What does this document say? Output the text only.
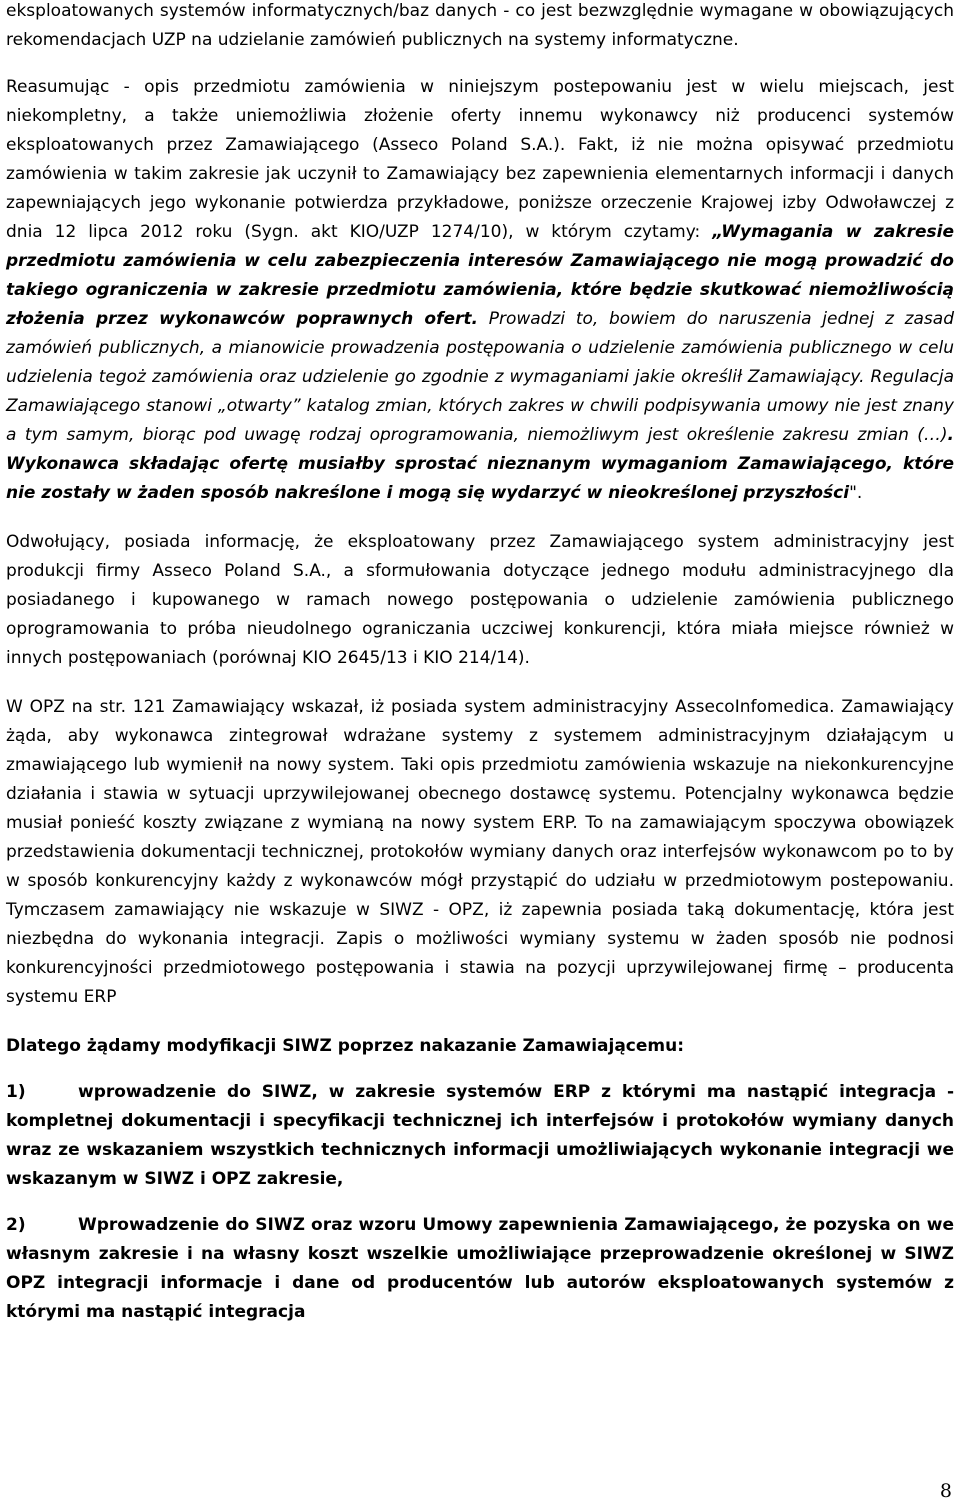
eksploatowanych systemów informatycznych/baz danych - co jest bezwzględnie wymagane w obowiązujących rekomendacjach UZP na udzielanie zamówień publicznych na systemy informatyczne.

Reasumując - opis przedmiotu zamówienia w niniejszym postepowaniu jest w wielu miejscach, jest niekompletny, a także uniemożliwia złożenie oferty innemu wykonawcy niż producenci systemów eksploatowanych przez Zamawiającego (Asseco Poland S.A.). Fakt, iż nie można opisywać przedmiotu zamówienia w takim zakresie jak uczynił to Zamawiający bez zapewnienia elementarnych informacji i danych zapewniających jego wykonanie potwierdza przykładowe, poniższe orzeczenie Krajowej izby Odwoławczej z dnia 12 lipca 2012 roku (Sygn. akt KIO/UZP 1274/10), w którym czytamy: „Wymagania w zakresie przedmiotu zamówienia w celu zabezpieczenia interesów Zamawiającego nie mogą prowadzić do takiego ograniczenia w zakresie przedmiotu zamówienia, które będzie skutkować niemożliwością złożenia przez wykonawców poprawnych ofert. Prowadzi to, bowiem do naruszenia jednej z zasad zamówień publicznych, a mianowicie prowadzenia postępowania o udzielenie zamówienia publicznego w celu udzielenia tegoż zamówienia oraz udzielenie go zgodnie z wymaganiami jakie określił Zamawiający. Regulacja Zamawiającego stanowi „otwarty” katalog zmian, których zakres w chwili podpisywania umowy nie jest znany a tym samym, biorąc pod uwagę rodzaj oprogramowania, niemożliwym jest określenie zakresu zmian (…). Wykonawca składając ofertę musiałby sprostać nieznanym wymaganiom Zamawiającego, które nie zostały w żaden sposób nakreślone i mogą się wydarzyć w nieokreślonej przyszłości".

Odwołujący, posiada informację, że eksploatowany przez Zamawiającego system administracyjny jest produkcji firmy Asseco Poland S.A., a sformułowania dotyczące jednego modułu administracyjnego dla posiadanego i kupowanego w ramach nowego postępowania o udzielenie zamówienia publicznego oprogramowania to próba nieudolnego ograniczania uczciwej konkurencji, która miała miejsce również w innych postępowaniach (porównaj KIO 2645/13 i KIO 214/14).

W OPZ na str. 121 Zamawiający wskazał, iż posiada system administracyjny AssecoInfomedica. Zamawiający żąda, aby wykonawca zintegrował wdrażane systemy z systemem administracyjnym działającym u zmawiającego lub wymienił na nowy system. Taki opis przedmiotu zamówienia wskazuje na niekonkurencyjne działania i stawia w sytuacji uprzywilejowanej obecnego dostawcę systemu. Potencjalny wykonawca będzie musiał ponieść koszty związane z wymianą na nowy system ERP. To na zamawiającym spoczywa obowiązek przedstawienia dokumentacji technicznej, protokołów wymiany danych oraz interfejsów wykonawcom po to by w sposób konkurencyjny każdy z wykonawców mógł przystąpić do udziału w przedmiotowym postepowaniu. Tymczasem zamawiający nie wskazuje w SIWZ - OPZ, iż zapewnia posiada taką dokumentację, która jest niezbędna do wykonania integracji. Zapis o możliwości wymiany systemu w żaden sposób nie podnosi konkurencyjności przedmiotowego postępowania i stawia na pozycji uprzywilejowanej firmę – producenta systemu ERP

Dlatego żądamy modyfikacji SIWZ poprzez nakazanie Zamawiającemu:

1)	wprowadzenie do SIWZ, w zakresie systemów ERP z którymi ma nastąpić integracja - kompletnej dokumentacji i specyfikacji technicznej ich interfejsów i protokołów wymiany danych wraz ze wskazaniem wszystkich technicznych informacji umożliwiających wykonanie integracji we wskazanym w SIWZ i OPZ zakresie,

2)	Wprowadzenie do SIWZ oraz wzoru Umowy zapewnienia Zamawiającego, że pozyska on we własnym zakresie i na własny koszt wszelkie umożliwiające przeprowadzenie określonej w SIWZ OPZ integracji informacje i dane od producentów lub autorów eksploatowanych systemów z którymi ma nastąpić integracja

8
